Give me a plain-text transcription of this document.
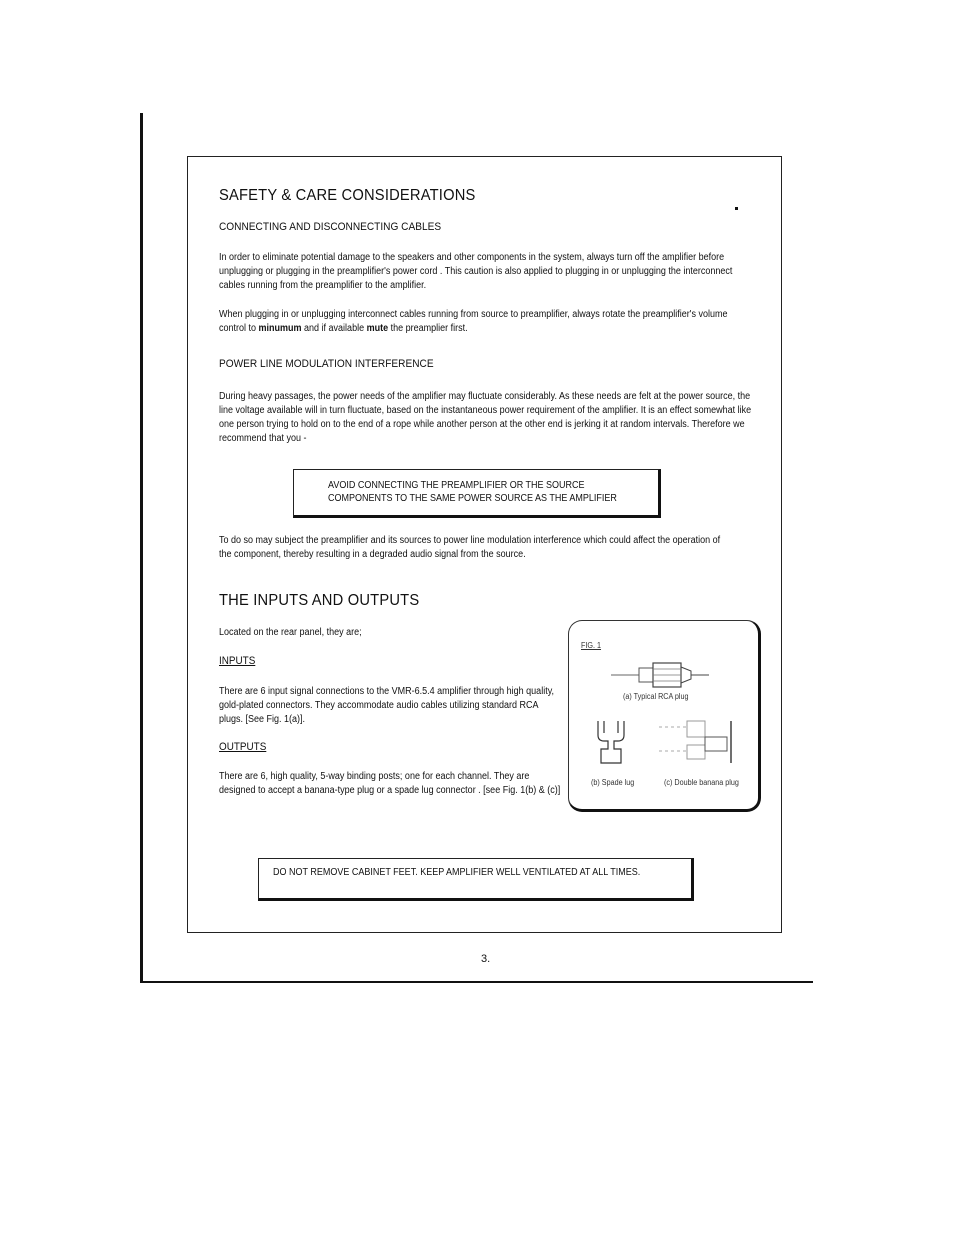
SAFETY & CARE CONSIDERATIONS
CONNECTING AND DISCONNECTING CABLES
In order to eliminate potential damage to the speakers and other components in the system, always turn off the amplifier before unplugging or plugging in the preamplifier's power cord . This caution is also applied to plugging in or unplugging the interconnect cables running from the preamplifier to the amplifier.
When plugging in or unplugging interconnect cables running from source to preamplifier, always rotate the preamplifier's volume control to minumum and if available mute the preamplier first.
POWER LINE MODULATION INTERFERENCE
During heavy passages, the power needs of the amplifier may fluctuate considerably. As these needs are felt at the power source, the line voltage available will in turn fluctuate, based on the instantaneous power requirement of the amplifier. It is an effect somewhat like one person trying to hold on to the end of a rope while another person at the other end is jerking it at random intervals. Therefore we recommend that you -
AVOID CONNECTING THE PREAMPLIFIER OR THE SOURCE
COMPONENTS TO THE SAME POWER SOURCE AS THE AMPLIFIER
To do so may subject the preamplifier and its sources to power line modulation interference which could affect the operation of the component, thereby resulting in a degraded audio signal from the source.
THE INPUTS AND OUTPUTS
Located on the rear panel, they are;
INPUTS
There are 6 input signal connections to the VMR-6.5.4 amplifier through high quality, gold-plated connectors. They accommodate audio cables utilizing standard RCA plugs. [See Fig. 1(a)].
OUTPUTS
There are 6, high quality, 5-way binding posts; one for each channel. They are designed to accept a banana-type plug or a spade lug connector . [see Fig. 1(b) & (c)]
FIG. 1
(a) Typical RCA plug
(b) Spade lug	(c) Double banana plug
DO NOT REMOVE CABINET FEET. KEEP AMPLIFIER WELL VENTILATED AT ALL TIMES.
3.
